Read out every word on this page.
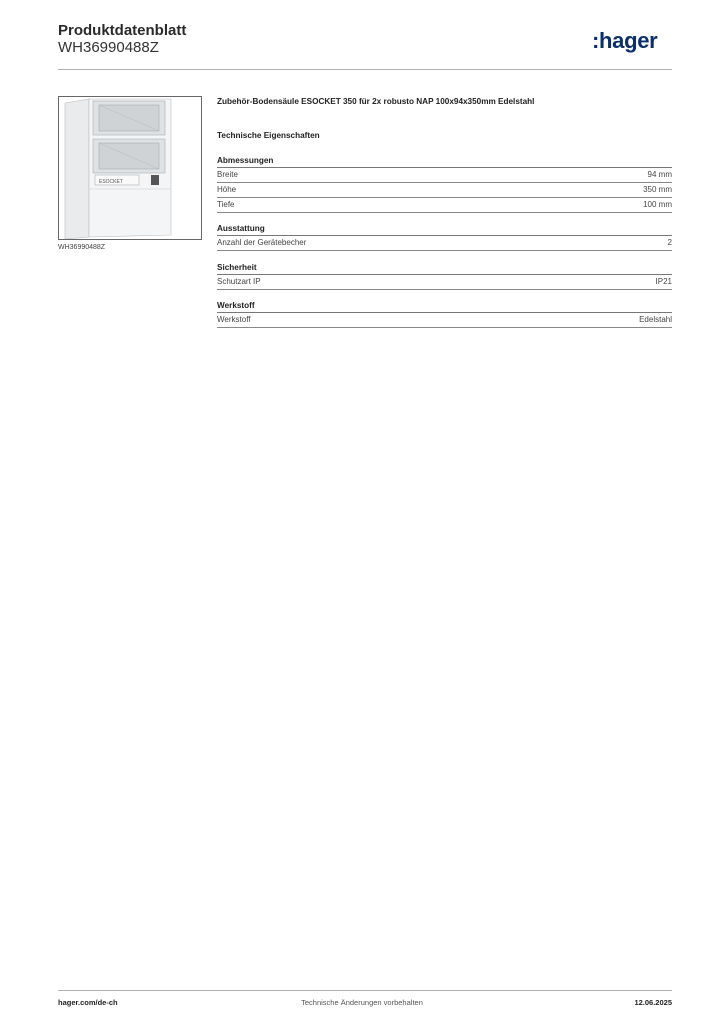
Produktdatenblatt
WH36990488Z	:hager
ESOCKET
WH36990488Z
Zubehör-Bodensäule ESOCKET 350 für 2x robusto NAP 100x94x350mm Edelstahl
Technische Eigenschaften
Abmessungen
Breite	94 mm
Höhe	350 mm
Tiefe	100 mm
Ausstattung
Anzahl der Gerätebecher	2
Sicherheit
Schutzart IP	IP21
Werkstoff
Werkstoff	Edelstahl
hager.com/de-ch	Technische Änderungen vorbehalten	12.06.2025
